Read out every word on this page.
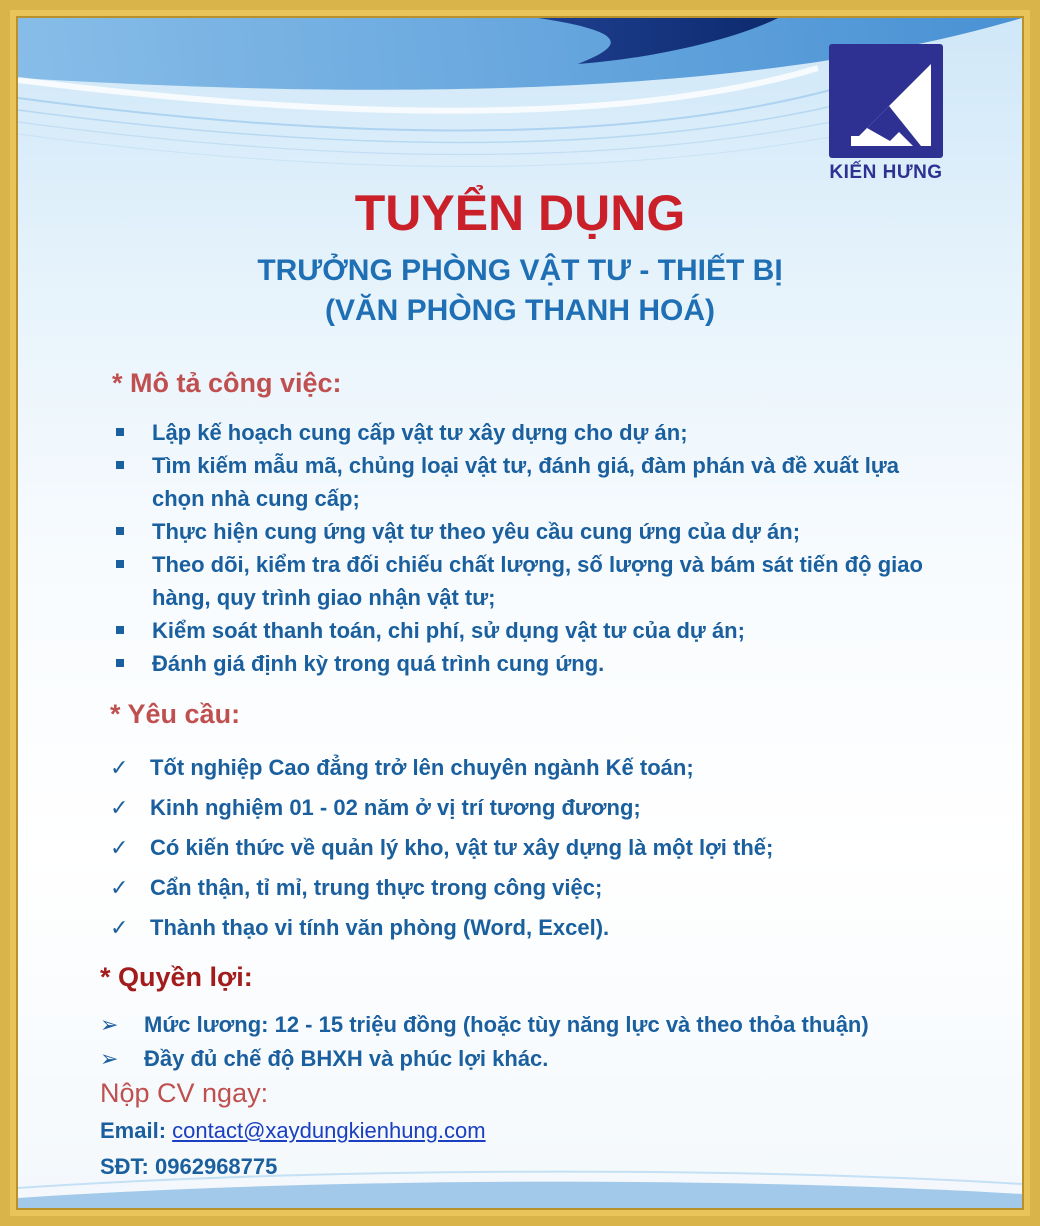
KIẾN HƯNG
TUYỂN DỤNG
TRƯỞNG PHÒNG VẬT TƯ - THIẾT BỊ
(VĂN PHÒNG THANH HOÁ)
* Mô tả công việc:
Lập kế hoạch cung cấp vật tư xây dựng cho dự án;
Tìm kiếm mẫu mã, chủng loại vật tư, đánh giá, đàm phán và đề xuất lựa chọn nhà cung cấp;
Thực hiện cung ứng vật tư theo yêu cầu cung ứng của dự án;
Theo dõi, kiểm tra đối chiếu chất lượng, số lượng và bám sát tiến độ giao hàng, quy trình giao nhận vật tư;
Kiểm soát thanh toán, chi phí, sử dụng vật tư của dự án;
Đánh giá định kỳ trong quá trình cung ứng.
* Yêu cầu:
✓ Tốt nghiệp Cao đẳng trở lên chuyên ngành Kế toán;
✓ Kinh nghiệm 01 - 02 năm ở vị trí tương đương;
✓ Có kiến thức về quản lý kho, vật tư xây dựng là một lợi thế;
✓ Cẩn thận, tỉ mỉ, trung thực trong công việc;
✓ Thành thạo vi tính văn phòng (Word, Excel).
* Quyền lợi:
➢ Mức lương: 12 - 15 triệu đồng (hoặc tùy năng lực và theo thỏa thuận)
➢ Đầy đủ chế độ BHXH và phúc lợi khác.
Nộp CV ngay:
Email: contact@xaydungkienhung.com
SĐT: 0962968775
